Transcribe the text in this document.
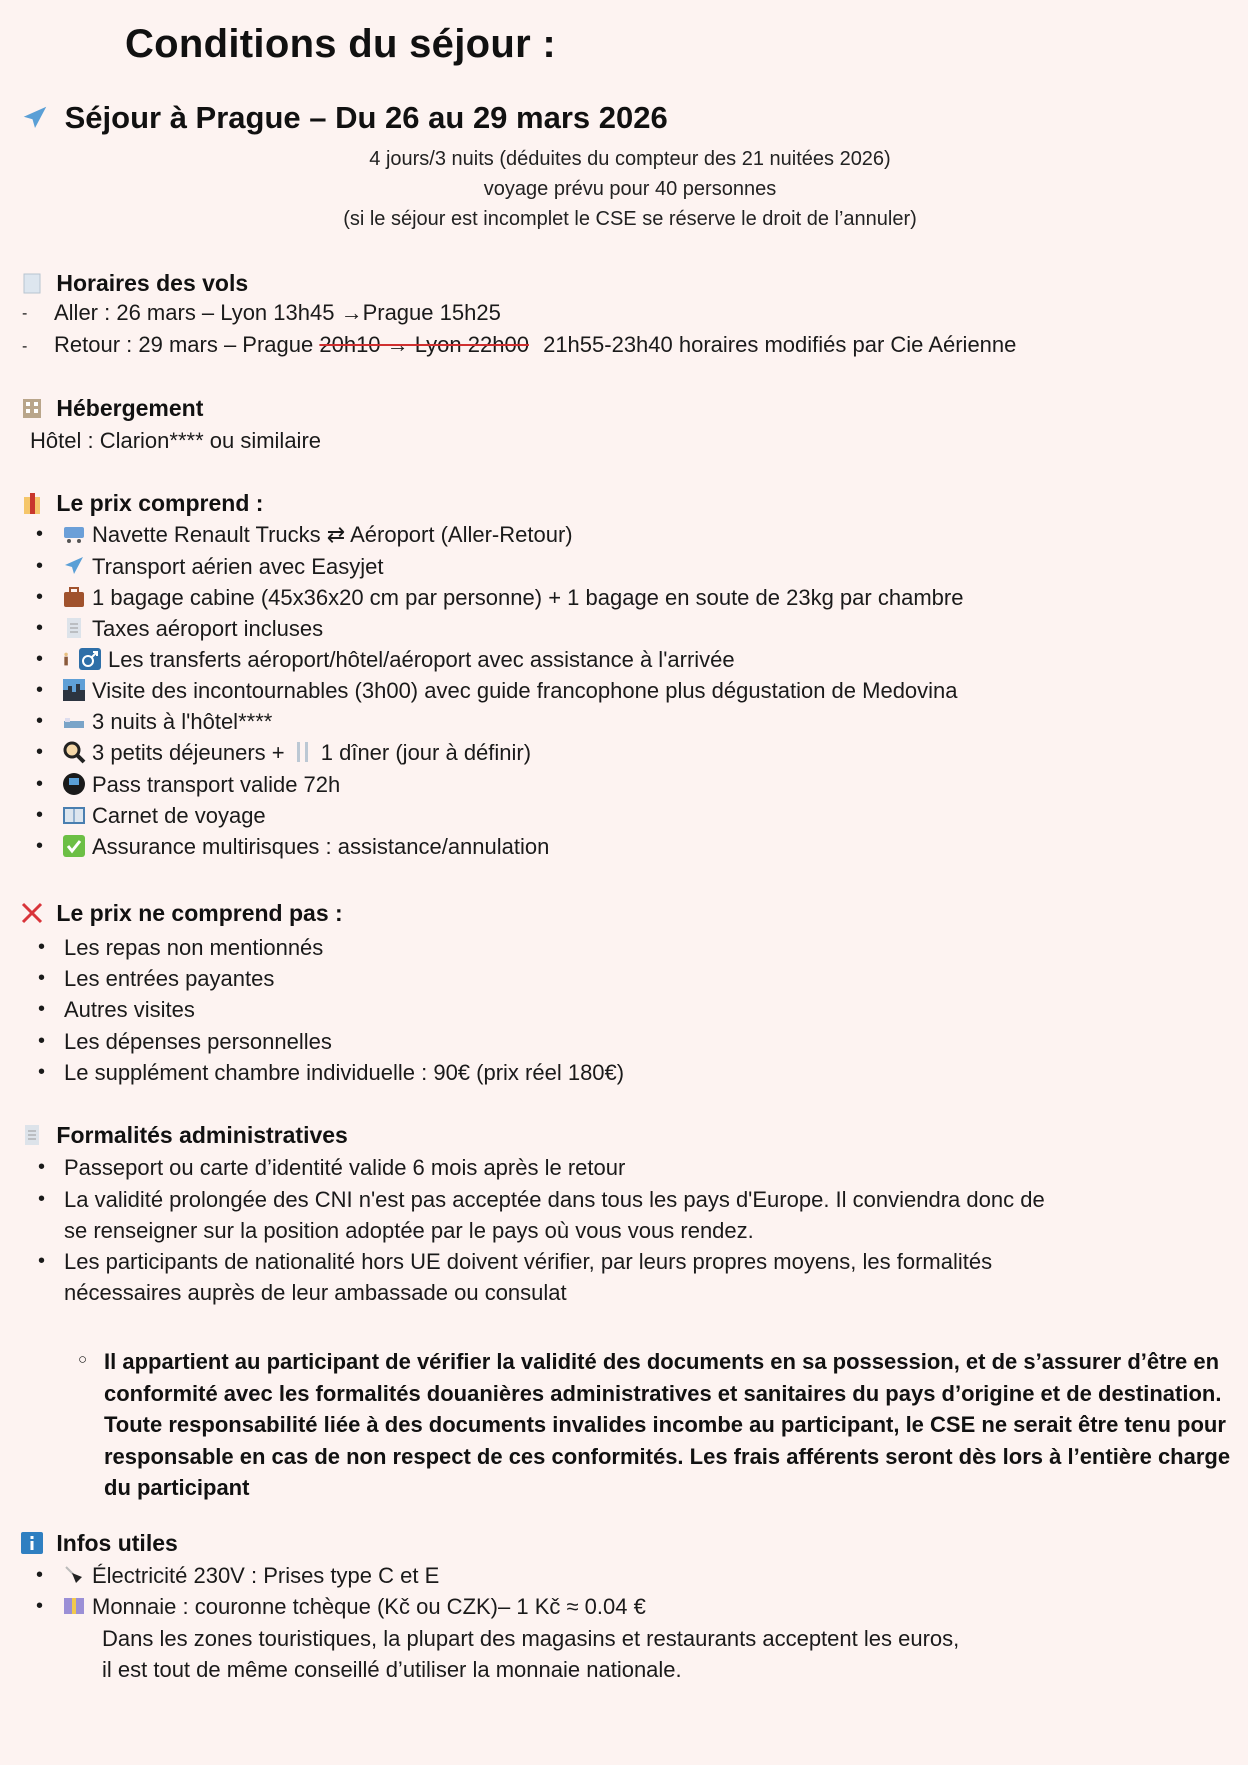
Conditions du séjour :
Séjour à Prague – Du 26 au 29 mars 2026
4 jours/3 nuits (déduites du compteur des 21 nuitées 2026)
voyage prévu pour 40 personnes
(si le séjour est incomplet le CSE se réserve le droit de l’annuler)
Horaires des vols
- Aller : 26 mars – Lyon 13h45 →Prague 15h25
- Retour : 29 mars – Prague 20h10 → Lyon 22h00 21h55-23h40 horaires modifiés par Cie Aérienne
Hébergement
Hôtel : Clarion**** ou similaire
Le prix comprend :
• Navette Renault Trucks ⇄ Aéroport (Aller-Retour)
• Transport aérien avec Easyjet
• 1 bagage cabine (45x36x20 cm par personne) + 1 bagage en soute de 23kg par chambre
• Taxes aéroport incluses
• Les transferts aéroport/hôtel/aéroport avec assistance à l'arrivée
• Visite des incontournables (3h00) avec guide francophone plus dégustation de Medovina
• 3 nuits à l'hôtel****
• 3 petits déjeuners + 1 dîner (jour à définir)
• Pass transport valide 72h
• Carnet de voyage
• Assurance multirisques : assistance/annulation
Le prix ne comprend pas :
• Les repas non mentionnés
• Les entrées payantes
• Autres visites
• Les dépenses personnelles
• Le supplément chambre individuelle : 90€ (prix réel 180€)
Formalités administratives
• Passeport ou carte d’identité valide 6 mois après le retour
• La validité prolongée des CNI n'est pas acceptée dans tous les pays d'Europe. Il conviendra donc de
se renseigner sur la position adoptée par le pays où vous vous rendez.
• Les participants de nationalité hors UE doivent vérifier, par leurs propres moyens, les formalités
nécessaires auprès de leur ambassade ou consulat
Il appartient au participant de vérifier la validité des documents en sa possession, et de s’assurer d’être en conformité avec les formalités douanières administratives et sanitaires du pays d’origine et de destination. Toute responsabilité liée à des documents invalides incombe au participant, le CSE ne serait être tenu pour responsable en cas de non respect de ces conformités. Les frais afférents seront dès lors à l’entière charge du participant
Infos utiles
• Électricité 230V : Prises type C et E
• Monnaie : couronne tchèque (Kč ou CZK)– 1 Kč ≈ 0.04 €
Dans les zones touristiques, la plupart des magasins et restaurants acceptent les euros,
il est tout de même conseillé d’utiliser la monnaie nationale.
